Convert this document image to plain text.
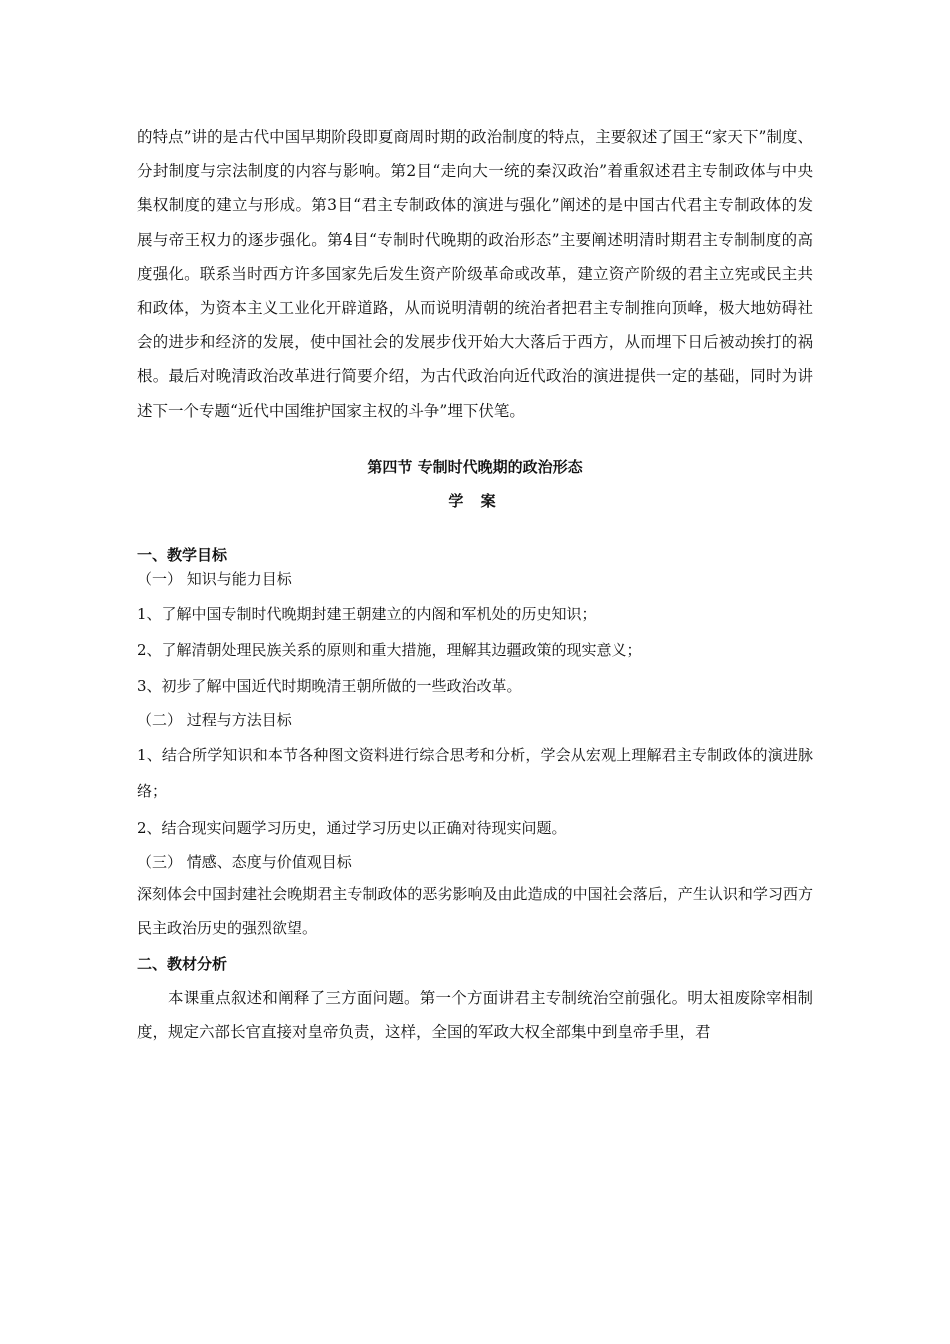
的特点”讲的是古代中国早期阶段即夏商周时期的政治制度的特点，主要叙述了国王“家天下”制度、分封制度与宗法制度的内容与影响。第2目“走向大一统的秦汉政治”着重叙述君主专制政体与中央集权制度的建立与形成。第3目“君主专制政体的演进与强化”阐述的是中国古代君主专制政体的发展与帝王权力的逐步强化。第4目“专制时代晚期的政治形态”主要阐述明清时期君主专制制度的高度强化。联系当时西方许多国家先后发生资产阶级革命或改革，建立资产阶级的君主立宪或民主共和政体，为资本主义工业化开辟道路，从而说明清朝的统治者把君主专制推向顶峰，极大地妨碍社会的进步和经济的发展，使中国社会的发展步伐开始大大落后于西方，从而埋下日后被动挨打的祸根。最后对晚清政治改革进行简要介绍，为古代政治向近代政治的演进提供一定的基础，同时为讲述下一个专题“近代中国维护国家主权的斗争”埋下伏笔。

第四节 专制时代晚期的政治形态

学 案

一、教学目标

（一） 知识与能力目标

1、了解中国专制时代晚期封建王朝建立的内阁和军机处的历史知识；

2、了解清朝处理民族关系的原则和重大措施，理解其边疆政策的现实意义；

3、初步了解中国近代时期晚清王朝所做的一些政治改革。

（二） 过程与方法目标

1、结合所学知识和本节各种图文资料进行综合思考和分析，学会从宏观上理解君主专制政体的演进脉络；

2、结合现实问题学习历史，通过学习历史以正确对待现实问题。

（三） 情感、态度与价值观目标

深刻体会中国封建社会晚期君主专制政体的恶劣影响及由此造成的中国社会落后，产生认识和学习西方民主政治历史的强烈欲望。

二、教材分析

本课重点叙述和阐释了三方面问题。第一个方面讲君主专制统治空前强化。明太祖废除宰相制度，规定六部长官直接对皇帝负责，这样，全国的军政大权全部集中到皇帝手里，君
